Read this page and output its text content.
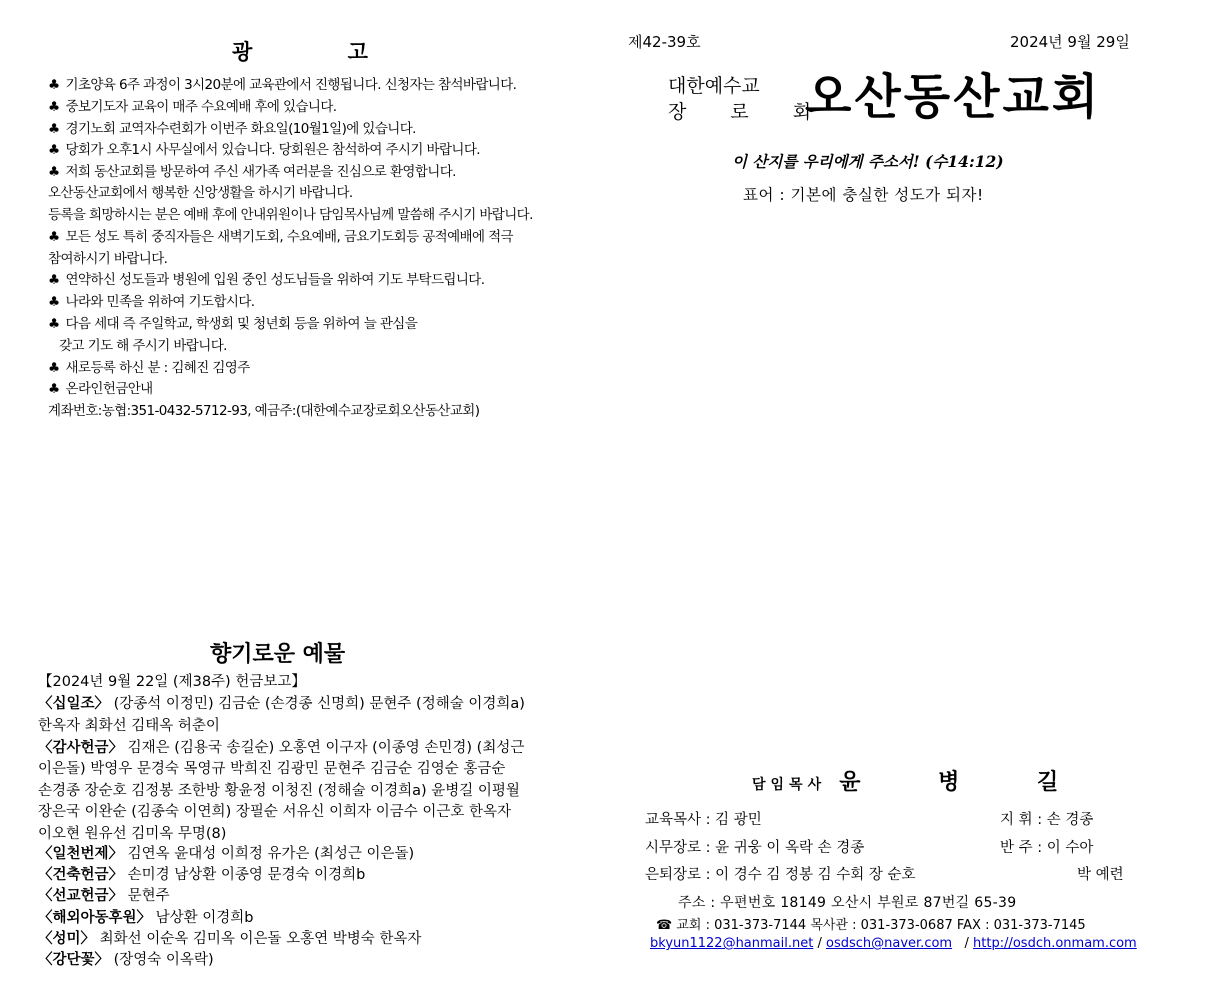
광 고
♣ 기초양육 6주 과정이 3시20분에 교육관에서 진행됩니다. 신청자는 참석바랍니다.
♣ 중보기도자 교육이 매주 수요예배 후에 있습니다.
♣ 경기노회 교역자수련회가 이번주 화요일(10월1일)에 있습니다.
♣ 당회가 오후1시 사무실에서 있습니다. 당회원은 참석하여 주시기 바랍니다.
♣ 저희 동산교회를 방문하여 주신 새가족 여러분을 진심으로 환영합니다.
오산동산교회에서 행복한 신앙생활을 하시기 바랍니다.
등록을 희망하시는 분은 예배 후에 안내위원이나 담임목사님께 말씀해 주시기 바랍니다.
♣ 모든 성도 특히 중직자들은 새벽기도회, 수요예배, 금요기도회등 공적예배에 적극
참여하시기 바랍니다.
♣ 연약하신 성도들과 병원에 입원 중인 성도님들을 위하여 기도 부탁드립니다.
♣ 나라와 민족을 위하여 기도합시다.
♣ 다음 세대 즉 주일학교, 학생회 및 청년회 등을 위하여 늘 관심을
갖고 기도 해 주시기 바랍니다.
♣ 새로등록 하신 분 : 김혜진 김영주
♣ 온라인헌금안내
계좌번호:농협:351-0432-5712-93, 예금주:(대한예수교장로회오산동산교회)
제42-39호	2024년 9월 29일
대한예수교
장 로 회
오산동산교회
이 산지를 우리에게 주소서! (수14:12)
표어 : 기본에 충실한 성도가 되자!
향기로운 예물
【2024년 9월 22일 (제38주) 헌금보고】
〈십일조〉 (강종석 이정민) 김금순 (손경종 신명희) 문현주 (정해술 이경희a)
한옥자 최화선 김태옥 허춘이
〈감사헌금〉 김재은 (김용국 송길순) 오홍연 이구자 (이종영 손민경) (최성근
이은돌) 박영우 문경숙 목영규 박희진 김광민 문현주 김금순 김영순 홍금순
손경종 장순호 김정봉 조한방 황윤정 이청진 (정해술 이경희a) 윤병길 이평월
장은국 이완순 (김종숙 이연희) 장필순 서유신 이희자 이금수 이근호 한옥자
이오현 원유선 김미옥 무명(8)
〈일천번제〉 김연옥 윤대성 이희정 유가은 (최성근 이은돌)
〈건축헌금〉 손미경 남상환 이종영 문경숙 이경희b
〈선교헌금〉 문현주
〈해외아동후원〉 남상환 이경희b
〈성미〉 최화선 이순옥 김미옥 이은돌 오홍연 박병숙 한옥자
〈강단꽃〉 (장영숙 이옥락)
담임목사 윤 병 길
교육목사 : 김 광민	지 휘 : 손 경종
시무장로 : 윤 귀웅 이 옥락 손 경종	반 주 : 이 수아
은퇴장로 : 이 경수 김 정봉 김 수회 장 순호	박 예련
주소 : 우편번호 18149 오산시 부원로 87번길 65-39
☎ 교회 : 031-373-7144 목사관 : 031-373-0687 FAX : 031-373-7145
bkyun1122@hanmail.net / osdsch@naver.com   / http://osdch.onmam.com
